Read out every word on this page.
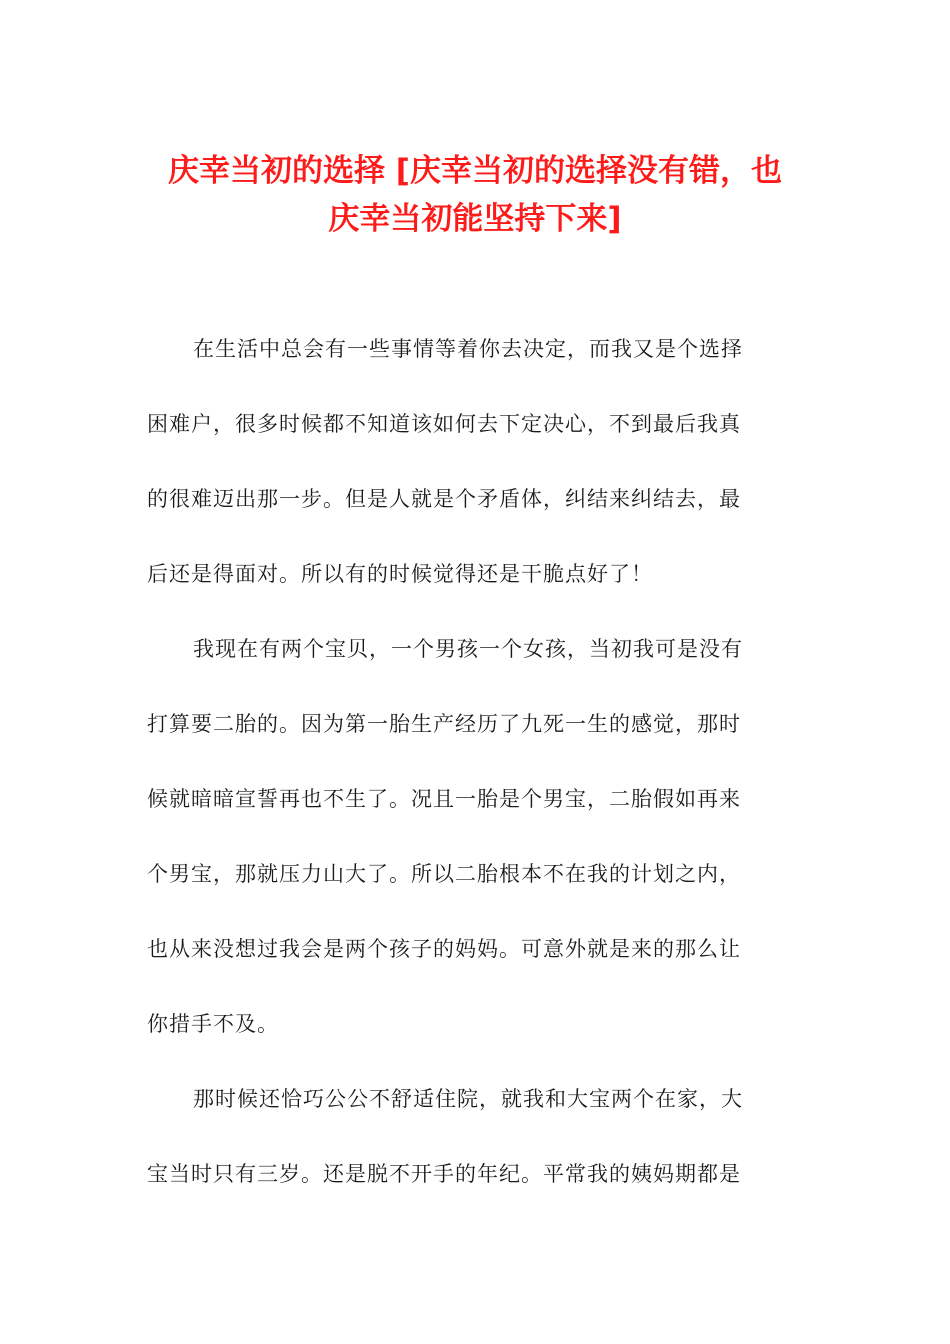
庆幸当初的选择 [庆幸当初的选择没有错，也
庆幸当初能坚持下来]
在生活中总会有一些事情等着你去决定，而我又是个选择
困难户，很多时候都不知道该如何去下定决心，不到最后我真
的很难迈出那一步。但是人就是个矛盾体，纠结来纠结去，最
后还是得面对。所以有的时候觉得还是干脆点好了！
我现在有两个宝贝，一个男孩一个女孩，当初我可是没有
打算要二胎的。因为第一胎生产经历了九死一生的感觉，那时
候就暗暗宣誓再也不生了。况且一胎是个男宝，二胎假如再来
个男宝，那就压力山大了。所以二胎根本不在我的计划之内，
也从来没想过我会是两个孩子的妈妈。可意外就是来的那么让
你措手不及。
那时候还恰巧公公不舒适住院，就我和大宝两个在家，大
宝当时只有三岁。还是脱不开手的年纪。平常我的姨妈期都是
